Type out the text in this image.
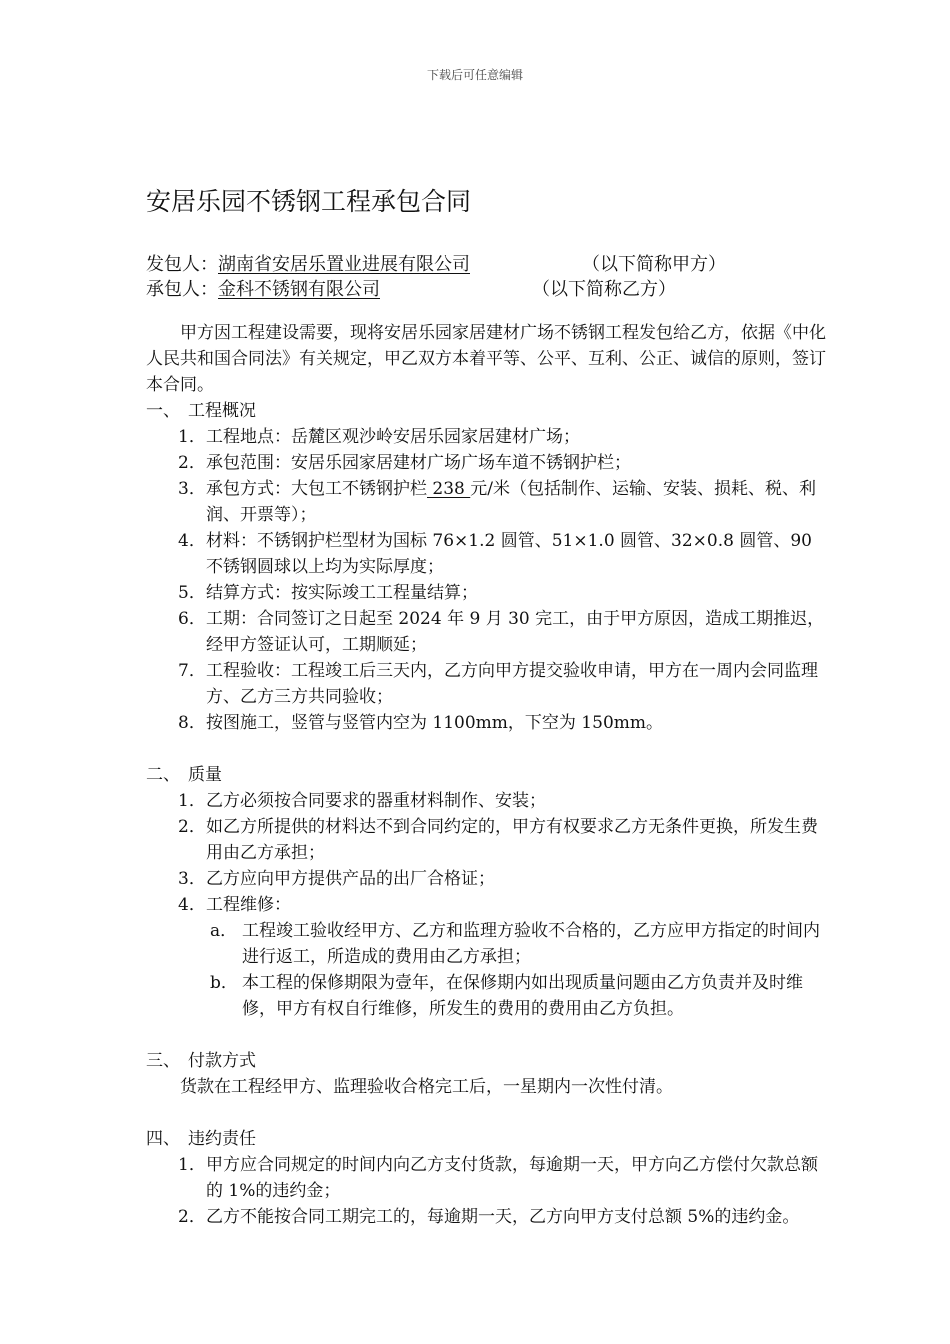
下载后可任意编辑
安居乐园不锈钢工程承包合同
发包人：湖南省安居乐置业进展有限公司	（以下简称甲方）
承包人：金科不锈钢有限公司	（以下简称乙方）

甲方因工程建设需要，现将安居乐园家居建材广场不锈钢工程发包给乙方，依据《中化人民共和国合同法》有关规定，甲乙双方本着平等、公平、互利、公正、诚信的原则，签订本合同。

一、 工程概况

1． 工程地点：岳麓区观沙岭安居乐园家居建材广场；
2． 承包范围：安居乐园家居建材广场广场车道不锈钢护栏；
3． 承包方式：大包工不锈钢护栏 238 元/米（包括制作、运输、安装、损耗、税、利润、开票等）；
4． 材料：不锈钢护栏型材为国标 76×1.2 圆管、51×1.0 圆管、32×0.8 圆管、90 不锈钢圆球以上均为实际厚度；
5． 结算方式：按实际竣工工程量结算；
6． 工期：合同签订之日起至 2024 年 9 月 30 完工，由于甲方原因，造成工期推迟，经甲方签证认可，工期顺延；
7． 工程验收：工程竣工后三天内，乙方向甲方提交验收申请，甲方在一周内会同监理方、乙方三方共同验收；
8． 按图施工，竖管与竖管内空为 1100mm，下空为 150mm。

二、 质量

1． 乙方必须按合同要求的器重材料制作、安装；
2． 如乙方所提供的材料达不到合同约定的，甲方有权要求乙方无条件更换，所发生费用由乙方承担；
3． 乙方应向甲方提供产品的出厂合格证；
4． 工程维修：
a． 工程竣工验收经甲方、乙方和监理方验收不合格的，乙方应甲方指定的时间内进行返工，所造成的费用由乙方承担；
b． 本工程的保修期限为壹年，在保修期内如出现质量问题由乙方负责并及时维修，甲方有权自行维修，所发生的费用的费用由乙方负担。

三、 付款方式

货款在工程经甲方、监理验收合格完工后，一星期内一次性付清。

四、 违约责任

1． 甲方应合同规定的时间内向乙方支付货款，每逾期一天，甲方向乙方偿付欠款总额的 1%的违约金；
2． 乙方不能按合同工期完工的，每逾期一天，乙方向甲方支付总额 5%的违约金。
